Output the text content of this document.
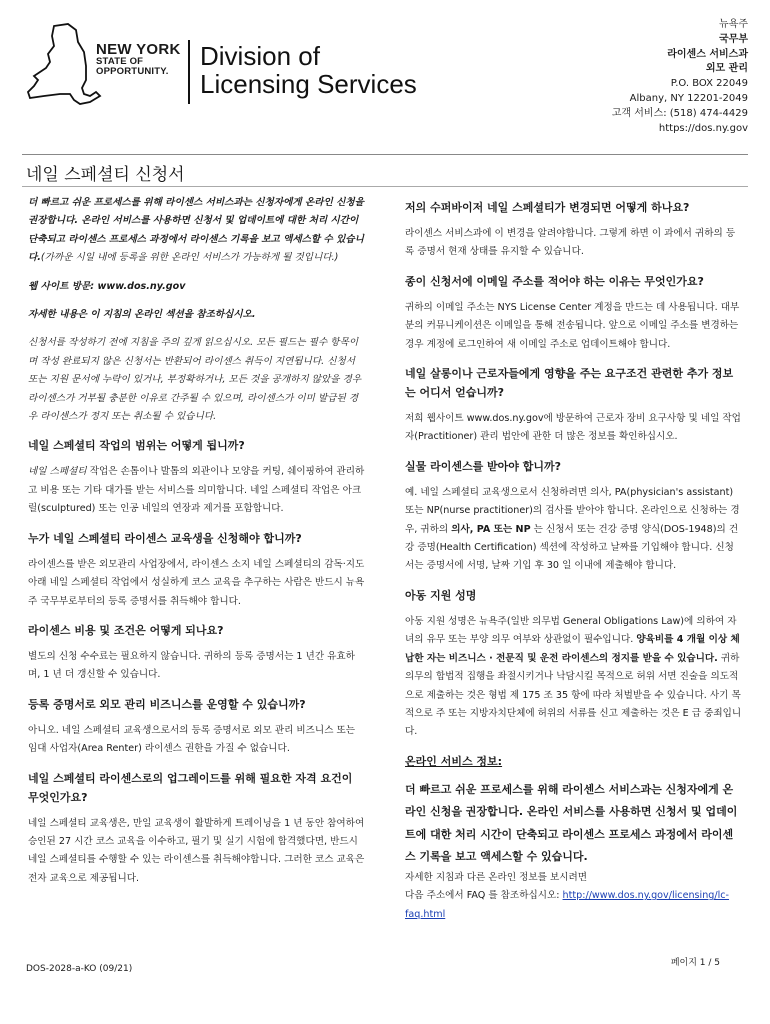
NEW YORK
STATE OF
OPPORTUNITY.
Division of
Licensing Services
뉴욕주
국무부
라이센스 서비스과
외모 관리
P.O. BOX 22049
Albany, NY 12201-2049
고객 서비스: (518) 474-4429
https://dos.ny.gov
네일 스페셜티 신청서

더 빠르고 쉬운 프로세스를 위해 라이센스 서비스과는 신청자에게 온라인 신청을 권장합니다. 온라인 서비스를 사용하면 신청서 및 업데이트에 대한 처리 시간이 단축되고 라이센스 프로세스 과정에서 라이센스 기록을 보고 액세스할 수 있습니다.(가까운 시일 내에 등록을 위한 온라인 서비스가 가능하게 될 것입니다.)

웹 사이트 방문: www.dos.ny.gov

자세한 내용은 이 지침의 온라인 섹션을 참조하십시오.

신청서를 작성하기 전에 지침을 주의 깊게 읽으십시오. 모든 필드는 필수 항목이며 작성 완료되지 않은 신청서는 반환되어 라이센스 취득이 지연됩니다. 신청서 또는 지원 문서에 누락이 있거나, 부정확하거나, 모든 것을 공개하지 않았을 경우 라이센스가 거부될 충분한 이유로 간주될 수 있으며, 라이센스가 이미 발급된 경우 라이센스가 정지 또는 취소될 수 있습니다.

네일 스페셜티 작업의 범위는 어떻게 됩니까?

네일 스페셜티 작업은 손톱이나 발톱의 외관이나 모양을 커팅, 쉐이핑하여 관리하고 비용 또는 기타 대가를 받는 서비스를 의미합니다. 네일 스페셜티 작업은 아크릴(sculptured) 또는 인공 네일의 연장과 제거를 포함합니다.

누가 네일 스페셜티 라이센스 교육생을 신청해야 합니까?

라이센스를 받은 외모관리 사업장에서, 라이센스 소지 네일 스페셜티의 감독·지도 아래 네일 스페셜티 작업에서 성실하게 코스 교육을 추구하는 사람은 반드시 뉴욕주 국무부로부터의 등록 증명서를 취득해야 합니다.

라이센스 비용 및 조건은 어떻게 되나요?

별도의 신청 수수료는 필요하지 않습니다. 귀하의 등록 증명서는 1 년간 유효하며, 1 년 더 갱신할 수 있습니다.

등록 증명서로 외모 관리 비즈니스를 운영할 수 있습니까?

아니오. 네일 스페셜티 교육생으로서의 등록 증명서로 외모 관리 비즈니스 또는 임대 사업자(Area Renter) 라이센스 권한을 가질 수 없습니다.

네일 스페셜티 라이센스로의 업그레이드를 위해 필요한 자격 요건이 무엇인가요?

네일 스페셜티 교육생은, 만일 교육생이 활발하게 트레이닝을 1 년 동안 참여하여 승인된 27 시간 코스 교육을 이수하고, 필기 및 실기 시험에 합격했다면, 반드시 네일 스페셜티를 수행할 수 있는 라이센스를 취득해야합니다. 그러한 코스 교육은 전자 교육으로 제공됩니다.

저의 수퍼바이저 네일 스페셜티가 변경되면 어떻게 하나요?

라이센스 서비스과에 이 변경을 알려야합니다. 그렇게 하면 이 과에서 귀하의 등록 증명서 현재 상태를 유지할 수 있습니다.

종이 신청서에 이메일 주소를 적어야 하는 이유는 무엇인가요?

귀하의 이메일 주소는 NYS License Center 계정을 만드는 데 사용됩니다. 대부분의 커뮤니케이션은 이메일을 통해 전송됩니다. 앞으로 이메일 주소를 변경하는 경우 계정에 로그인하여 새 이메일 주소로 업데이트해야 합니다.

네일 살롱이나 근로자들에게 영향을 주는 요구조건 관련한 추가 정보는 어디서 얻습니까?

저희 웹사이트 www.dos.ny.gov에 방문하여 근로자 장비 요구사항 및 네일 작업자(Practitioner) 관리 법안에 관한 더 많은 정보를 확인하십시오.

실물 라이센스를 받아야 합니까?

예. 네일 스페셜티 교육생으로서 신청하려면 의사, PA(physician's assistant) 또는 NP(nurse practitioner)의 검사를 받아야 합니다. 온라인으로 신청하는 경우, 귀하의 의사, PA 또는 NP 는 신청서 또는 건강 증명 양식(DOS-1948)의 건강 증명(Health Certification) 섹션에 작성하고 날짜를 기입해야 합니다. 신청서는 증명서에 서명, 날짜 기입 후 30 일 이내에 제출해야 합니다.

아동 지원 성명

아동 지원 성명은 뉴욕주(일반 의무법 General Obligations Law)에 의하여 자녀의 유무 또는 부양 의무 여부와 상관없이 필수입니다. 양육비를 4 개월 이상 체납한 자는 비즈니스 · 전문직 및 운전 라이센스의 정지를 받을 수 있습니다. 귀하 의무의 합법적 집행을 좌절시키거나 낙담시킬 목적으로 허위 서면 진술을 의도적으로 제출하는 것은 형법 제 175 조 35 항에 따라 처벌받을 수 있습니다. 사기 목적으로 주 또는 지방자치단체에 허위의 서류를 신고 제출하는 것은 E 급 중죄입니다.

온라인 서비스 정보:
더 빠르고 쉬운 프로세스를 위해 라이센스 서비스과는 신청자에게 온라인 신청을 권장합니다. 온라인 서비스를 사용하면 신청서 및 업데이트에 대한 처리 시간이 단축되고 라이센스 프로세스 과정에서 라이센스 기록을 보고 액세스할 수 있습니다.
자세한 지침과 다른 온라인 정보를 보시려면
다음 주소에서 FAQ 를 참조하십시오: http://www.dos.ny.gov/licensing/lc-faq.html
DOS-2028-a-KO (09/21)
페이지 1 / 5
